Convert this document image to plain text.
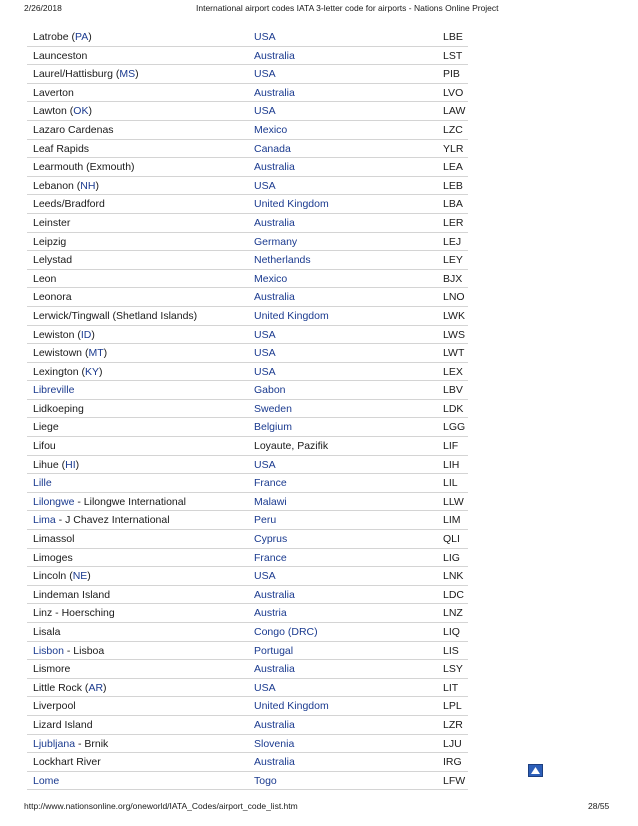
2/26/2018	International airport codes IATA 3-letter code for airports - Nations Online Project
Latrobe (PA)	USA	LBE
Launceston	Australia	LST
Laurel/Hattisburg (MS)	USA	PIB
Laverton	Australia	LVO
Lawton (OK)	USA	LAW
Lazaro Cardenas	Mexico	LZC
Leaf Rapids	Canada	YLR
Learmouth (Exmouth)	Australia	LEA
Lebanon (NH)	USA	LEB
Leeds/Bradford	United Kingdom	LBA
Leinster	Australia	LER
Leipzig	Germany	LEJ
Lelystad	Netherlands	LEY
Leon	Mexico	BJX
Leonora	Australia	LNO
Lerwick/Tingwall (Shetland Islands)	United Kingdom	LWK
Lewiston (ID)	USA	LWS
Lewistown (MT)	USA	LWT
Lexington (KY)	USA	LEX
Libreville	Gabon	LBV
Lidkoeping	Sweden	LDK
Liege	Belgium	LGG
Lifou	Loyaute, Pazifik	LIF
Lihue (HI)	USA	LIH
Lille	France	LIL
Lilongwe - Lilongwe International	Malawi	LLW
Lima - J Chavez International	Peru	LIM
Limassol	Cyprus	QLI
Limoges	France	LIG
Lincoln (NE)	USA	LNK
Lindeman Island	Australia	LDC
Linz - Hoersching	Austria	LNZ
Lisala	Congo (DRC)	LIQ
Lisbon - Lisboa	Portugal	LIS
Lismore	Australia	LSY
Little Rock (AR)	USA	LIT
Liverpool	United Kingdom	LPL
Lizard Island	Australia	LZR
Ljubljana - Brnik	Slovenia	LJU
Lockhart River	Australia	IRG
Lome	Togo	LFW
http://www.nationsonline.org/oneworld/IATA_Codes/airport_code_list.htm	28/55
